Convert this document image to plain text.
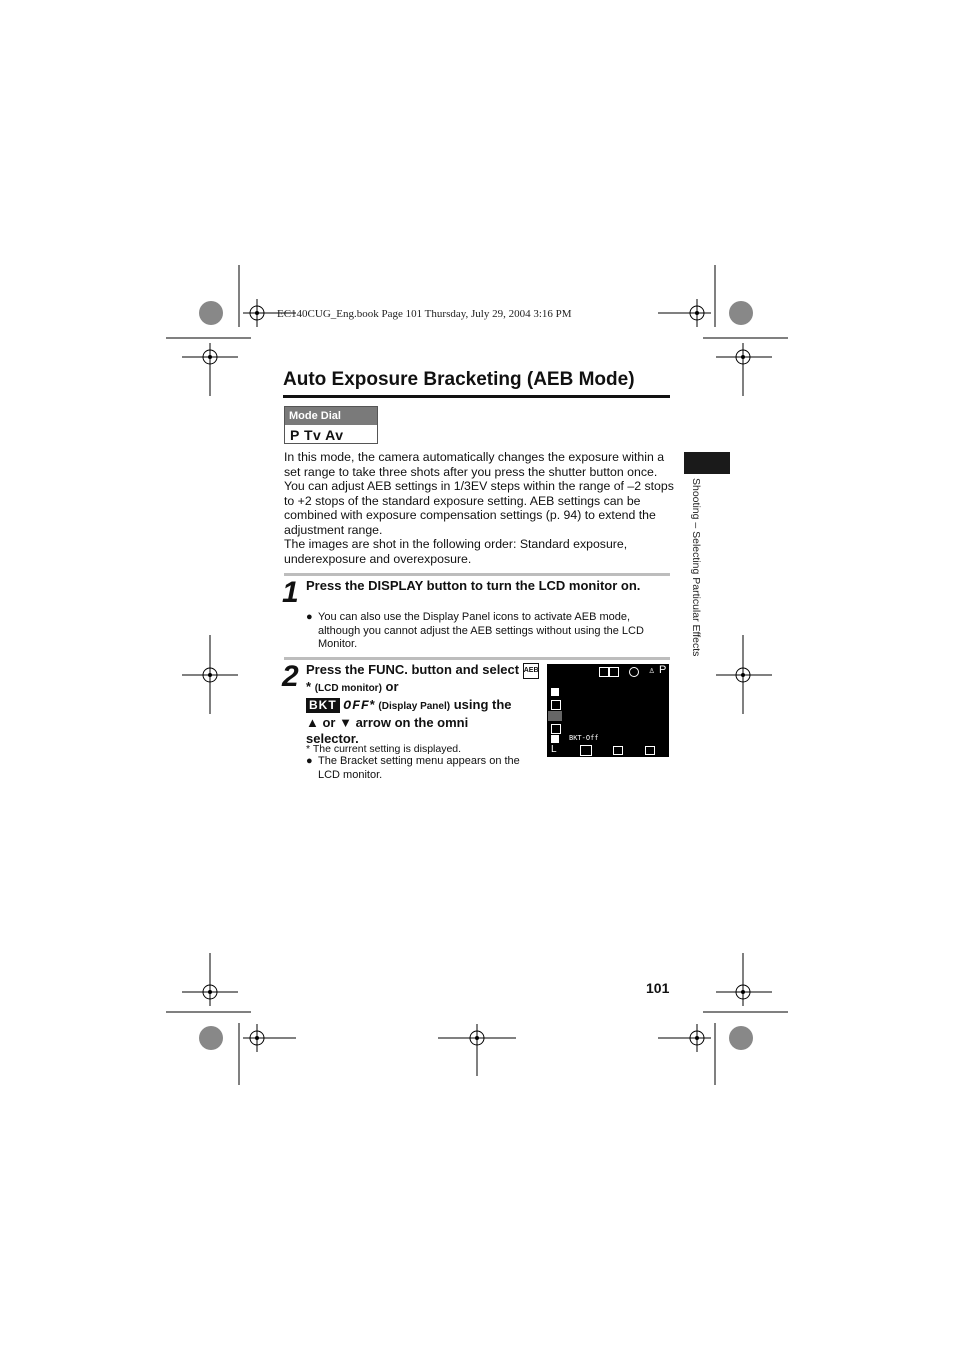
EC140CUG_Eng.book Page 101 Thursday, July 29, 2004 3:16 PM
Auto Exposure Bracketing (AEB Mode)
Mode Dial
P Tv Av

In this mode, the camera automatically changes the exposure within a set range to take three shots after you press the shutter button once. You can adjust AEB settings in 1/3EV steps within the range of –2 stops to +2 stops of the standard exposure setting. AEB settings can be combined with exposure compensation settings (p. 94) to extend the adjustment range.

The images are shot in the following order: Standard exposure, underexposure and overexposure.

1 Press the DISPLAY button to turn the LCD monitor on.
● You can also use the Display Panel icons to activate AEB mode, although you cannot adjust the AEB settings without using the LCD Monitor.
2 Press the FUNC. button and select AEB* (LCD monitor) or
BKT OFF* (Display Panel) using the
▲ or ▼ arrow on the omni
selector.
* The current setting is displayed.
● The Bracket setting menu appears on the LCD monitor.
♙ P
BKT-Off
L
Shooting – Selecting Particular Effects
101
